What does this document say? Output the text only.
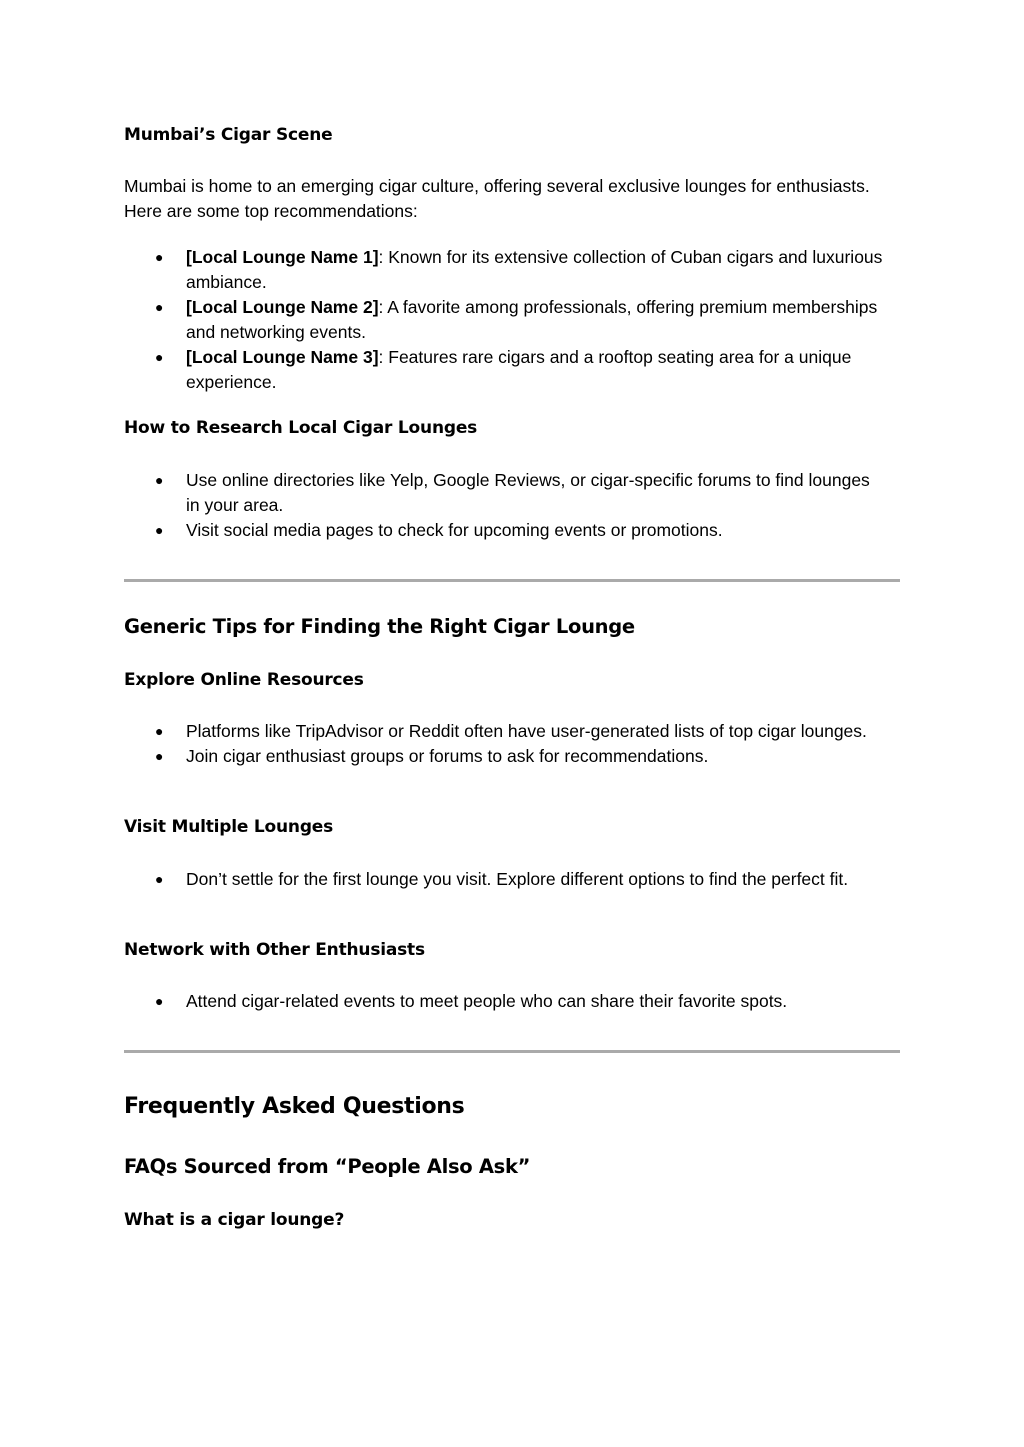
Mumbai’s Cigar Scene
Mumbai is home to an emerging cigar culture, offering several exclusive lounges for enthusiasts. Here are some top recommendations:
● [Local Lounge Name 1]: Known for its extensive collection of Cuban cigars and luxurious ambiance.
● [Local Lounge Name 2]: A favorite among professionals, offering premium memberships and networking events.
● [Local Lounge Name 3]: Features rare cigars and a rooftop seating area for a unique experience.
How to Research Local Cigar Lounges
● Use online directories like Yelp, Google Reviews, or cigar-specific forums to find lounges in your area.
● Visit social media pages to check for upcoming events or promotions.
Generic Tips for Finding the Right Cigar Lounge
Explore Online Resources
● Platforms like TripAdvisor or Reddit often have user-generated lists of top cigar lounges.
● Join cigar enthusiast groups or forums to ask for recommendations.
Visit Multiple Lounges
● Don’t settle for the first lounge you visit. Explore different options to find the perfect fit.
Network with Other Enthusiasts
● Attend cigar-related events to meet people who can share their favorite spots.
Frequently Asked Questions
FAQs Sourced from “People Also Ask”
What is a cigar lounge?
